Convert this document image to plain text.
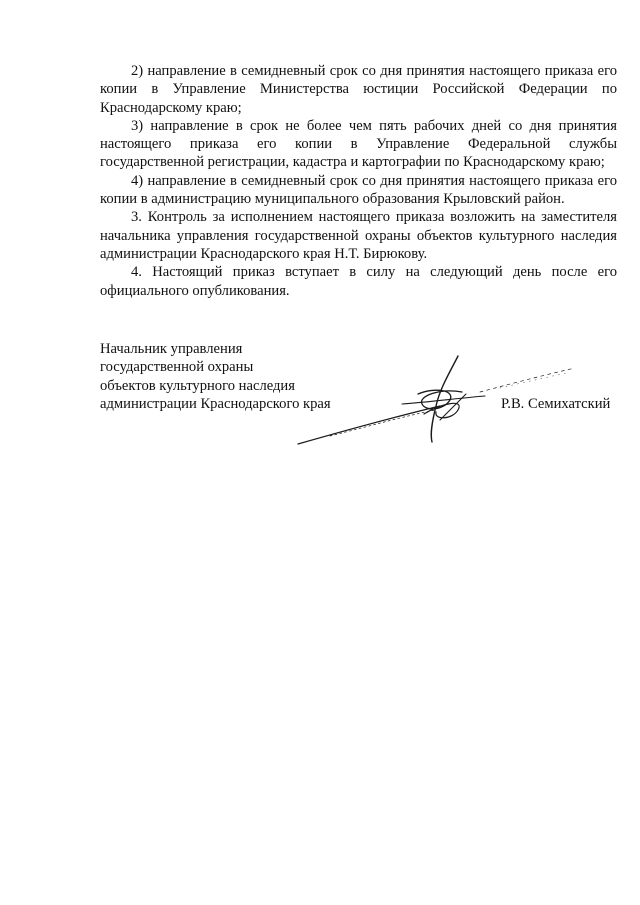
2) направление в семидневный срок со дня принятия настоящего приказа его копии в Управление Министерства юстиции Российской Федерации по Краснодарскому краю;

3) направление в срок не более чем пять рабочих дней со дня принятия настоящего приказа его копии в Управление Федеральной службы государственной регистрации, кадастра и картографии по Краснодарскому краю;

4) направление в семидневный срок со дня принятия настоящего приказа его копии в администрацию муниципального образования Крыловский район.

3. Контроль за исполнением настоящего приказа возложить на заместителя начальника управления государственной охраны объектов культурного наследия администрации Краснодарского края Н.Т. Бирюкову.

4. Настоящий приказ вступает в силу на следующий день после его официального опубликования.

Начальник управления
государственной охраны
объектов культурного наследия
администрации Краснодарского края	Р.В. Семихатский
